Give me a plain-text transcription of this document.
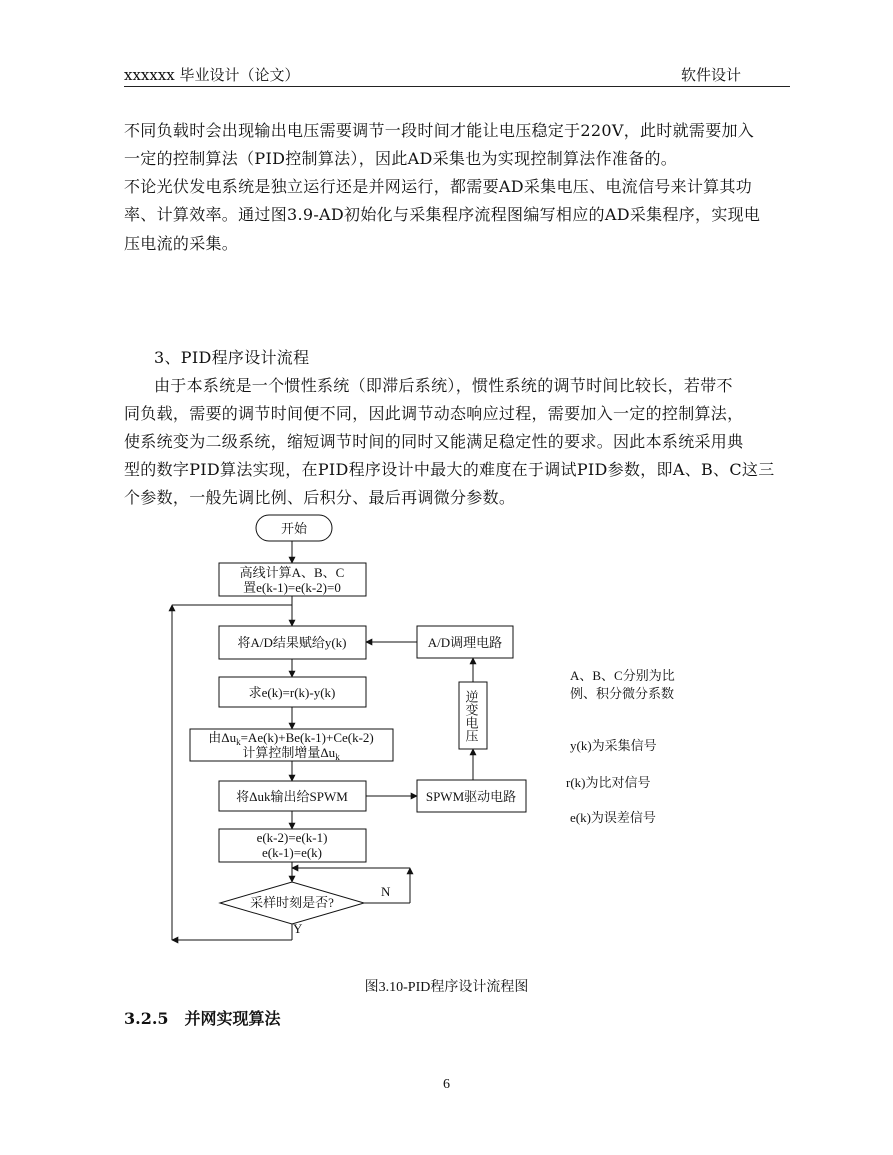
xxxxxx 毕业设计（论文）	软件设计
不同负载时会出现输出电压需要调节一段时间才能让电压稳定于220V，此时就需要加入
一定的控制算法（PID控制算法），因此AD采集也为实现控制算法作准备的。
不论光伏发电系统是独立运行还是并网运行，都需要AD采集电压、电流信号来计算其功
率、计算效率。通过图3.9-AD初始化与采集程序流程图编写相应的AD采集程序，实现电
压电流的采集。
3、PID程序设计流程
由于本系统是一个惯性系统（即滞后系统），惯性系统的调节时间比较长，若带不
同负载，需要的调节时间便不同，因此调节动态响应过程，需要加入一定的控制算法，
使系统变为二级系统，缩短调节时间的同时又能满足稳定性的要求。因此本系统采用典
型的数字PID算法实现，在PID程序设计中最大的难度在于调试PID参数，即A、B、C这三
个参数，一般先调比例、后积分、最后再调微分参数。
开始
高线计算A、B、C
置e(k-1)=e(k-2)=0
将A/D结果赋给y(k)
求e(k)=r(k)-y(k)
由$\Delta u_k=Ae(k)+Be(k-1)+Ce(k-2)$
计算控制增量$\Delta u_k$
将Δuk输出给SPWM
e(k-2)=e(k-1)
e(k-1)=e(k)
采样时刻是否?
N
Y
A/D调理电路
逆变电压
SPWM驱动电路
A、B、C分别为比
例、积分微分系数
y(k)为采集信号
r(k)为比对信号
e(k)为误差信号
图3.10-PID程序设计流程图
3.2.5　并网实现算法
6
